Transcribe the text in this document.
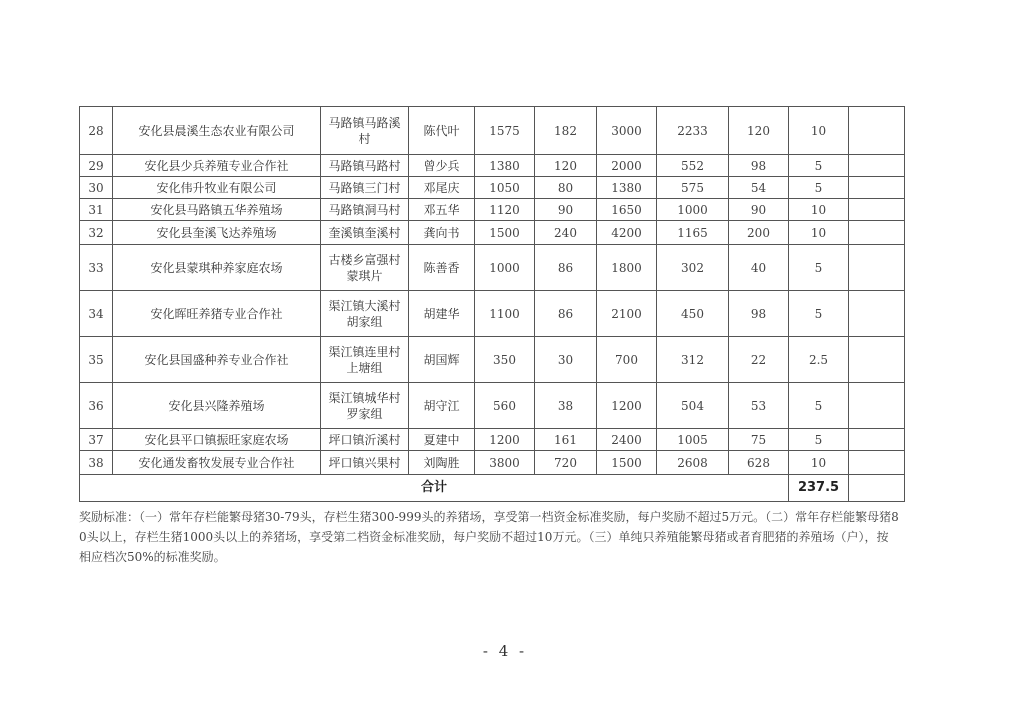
28	安化县晨溪生态农业有限公司	马路镇马路溪村	陈代叶	1575	182	3000	2233	120	10	
29	安化县少兵养殖专业合作社	马路镇马路村	曾少兵	1380	120	2000	552	98	5	
30	安化伟升牧业有限公司	马路镇三门村	邓尾庆	1050	80	1380	575	54	5	
31	安化县马路镇五华养殖场	马路镇洞马村	邓五华	1120	90	1650	1000	90	10	
32	安化县奎溪飞达养殖场	奎溪镇奎溪村	龚向书	1500	240	4200	1165	200	10	
33	安化县蒙琪种养家庭农场	古楼乡富强村蒙琪片	陈善香	1000	86	1800	302	40	5	
34	安化晖旺养猪专业合作社	渠江镇大溪村胡家组	胡建华	1100	86	2100	450	98	5	
35	安化县国盛种养专业合作社	渠江镇连里村上塘组	胡国辉	350	30	700	312	22	2.5	
36	安化县兴隆养殖场	渠江镇城华村罗家组	胡守江	560	38	1200	504	53	5	
37	安化县平口镇振旺家庭农场	坪口镇沂溪村	夏建中	1200	161	2400	1005	75	5	
38	安化通发畜牧发展专业合作社	坪口镇兴果村	刘陶胜	3800	720	1500	2608	628	10	
合计									237.5	

奖励标准：（一）常年存栏能繁母猪30-79头，存栏生猪300-999头的养猪场，享受第一档资金标准奖励，每户奖励不超过5万元。（二）常年存栏能繁母猪80头以上，存栏生猪1000头以上的养猪场，享受第二档资金标准奖励，每户奖励不超过10万元。（三）单纯只养殖能繁母猪或者育肥猪的养殖场（户），按相应档次50%的标准奖励。

- 4 -
